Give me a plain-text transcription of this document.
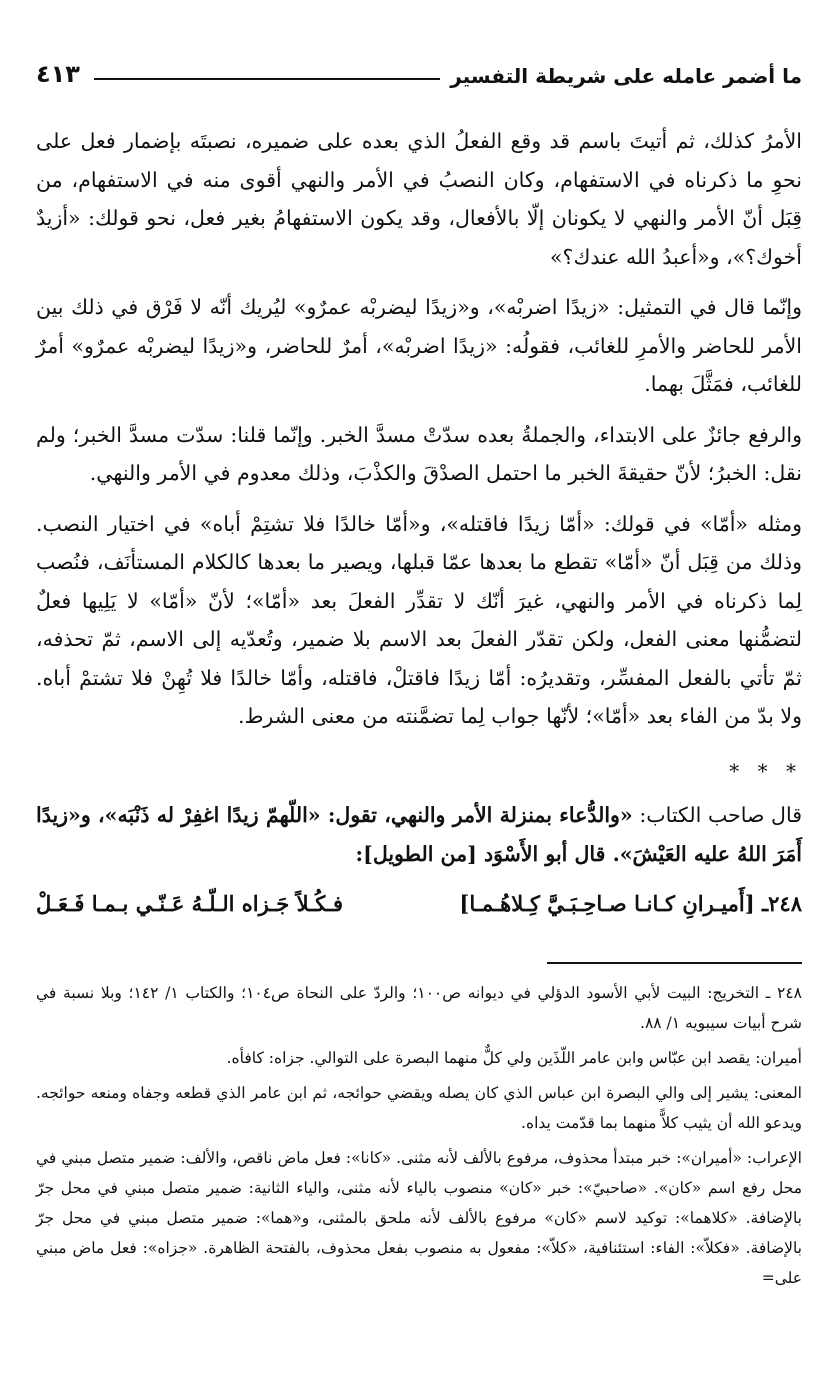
ما أضمر عامله على شريطة التفسير
٤١٣

الأمرُ كذلك، ثم أتيتَ باسم قد وقع الفعلُ الذي بعده على ضميره، نصبتَه بإضمار فعل على نحوِ ما ذكرناه في الاستفهام، وكان النصبُ في الأمر والنهي أقوى منه في الاستفهام، من قِبَل أنّ الأمر والنهي لا يكونان إلّا بالأفعال، وقد يكون الاستفهامُ بغير فعل، نحو قولك: «أزيدٌ أخوك؟»، و«أعبدُ الله عندك؟»

وإنّما قال في التمثيل: «زيدًا اضربْه»، و«زيدًا ليضربْه عمرٌو» ليُريك أنّه لا فَرْق في ذلك بين الأمر للحاضر والأمرِ للغائب، فقولُه: «زيدًا اضربْه»، أمرٌ للحاضر، و«زيدًا ليضربْه عمرٌو» أمرٌ للغائب، فمَثَّلَ بهما.

والرفع جائزٌ على الابتداء، والجملةُ بعده سدّتْ مسدَّ الخبر. وإنّما قلنا: سدّت مسدَّ الخبر؛ ولم نقل: الخبرُ؛ لأنّ حقيقةَ الخبر ما احتمل الصدْقَ والكذْبَ، وذلك معدوم في الأمر والنهي.

ومثله «أمّا» في قولك: «أمّا زيدًا فاقتله»، و«أمّا خالدًا فلا تشتِمْ أباه» في اختيار النصب. وذلك من قِبَل أنّ «أمّا» تقطع ما بعدها عمّا قبلها، ويصير ما بعدها كالكلام المستأنَف، فنُصب لِما ذكرناه في الأمر والنهي، غيرَ أنّك لا تقدِّر الفعلَ بعد «أمّا»؛ لأنّ «أمّا» لا يَلِيها فعلٌ لتضمُّنها معنى الفعل، ولكن تقدّر الفعلَ بعد الاسم بلا ضمير، وتُعدّيه إلى الاسم، ثمّ تحذفه، ثمّ تأتي بالفعل المفسِّر، وتقديرُه: أمّا زيدًا فاقتلْ، فاقتله، وأمّا خالدًا فلا تُهِنْ فلا تشتمْ أباه. ولا بدّ من الفاء بعد «أمّا»؛ لأنّها جواب لِما تضمَّنته من معنى الشرط.

* * *

قال صاحب الكتاب: «والدُّعاء بمنزلة الأمر والنهي، تقول: «اللّهمّ زيدًا اغفِرْ له ذَنْبَه»، و«زيدًا أَمَرَ اللهُ عليه العَيْشَ». قال أبو الأَسْوَد [من الطويل]:

٢٤٨ـ [أَميـرانِ كـانـا صـاحِـبَـيَّ كِـلاهُـمـا]
فـكُـلاً جَـزاه الـلّـهُ عَـنّـي بـمـا فَـعَـلْ

٢٤٨ ـ التخريج: البيت لأبي الأسود الدؤلي في ديوانه ص١٠٠؛ والردّ على النحاة ص١٠٤؛ والكتاب ١/ ١٤٢؛ وبلا نسبة في شرح أبيات سيبويه ١/ ٨٨.

أميران: يقصد ابن عبّاس وابن عامر اللّذَين ولي كلٌّ منهما البصرة على التوالي. جزاه: كافأه.

المعنى: يشير إلى والي البصرة ابن عباس الذي كان يصله ويقضي حوائجه، ثم ابن عامر الذي قطعه وجفاه ومنعه حوائجه. ويدعو الله أن يثيب كلاًّ منهما بما قدّمت يداه.

الإعراب: «أميران»: خبر مبتدأ محذوف، مرفوع بالألف لأنه مثنى. «كانا»: فعل ماض ناقص، والألف: ضمير متصل مبني في محل رفع اسم «كان». «صاحبيّ»: خبر «كان» منصوب بالياء لأنه مثنى، والياء الثانية: ضمير متصل مبني في محل جرّ بالإضافة. «كلاهما»: توكيد لاسم «كان» مرفوع بالألف لأنه ملحق بالمثنى، و«هما»: ضمير متصل مبني في محل جرّ بالإضافة. «فكلاّ»: الفاء: استئنافية، «كلاّ»: مفعول به منصوب بفعل محذوف، بالفتحة الظاهرة. «جزاه»: فعل ماض مبني على=
